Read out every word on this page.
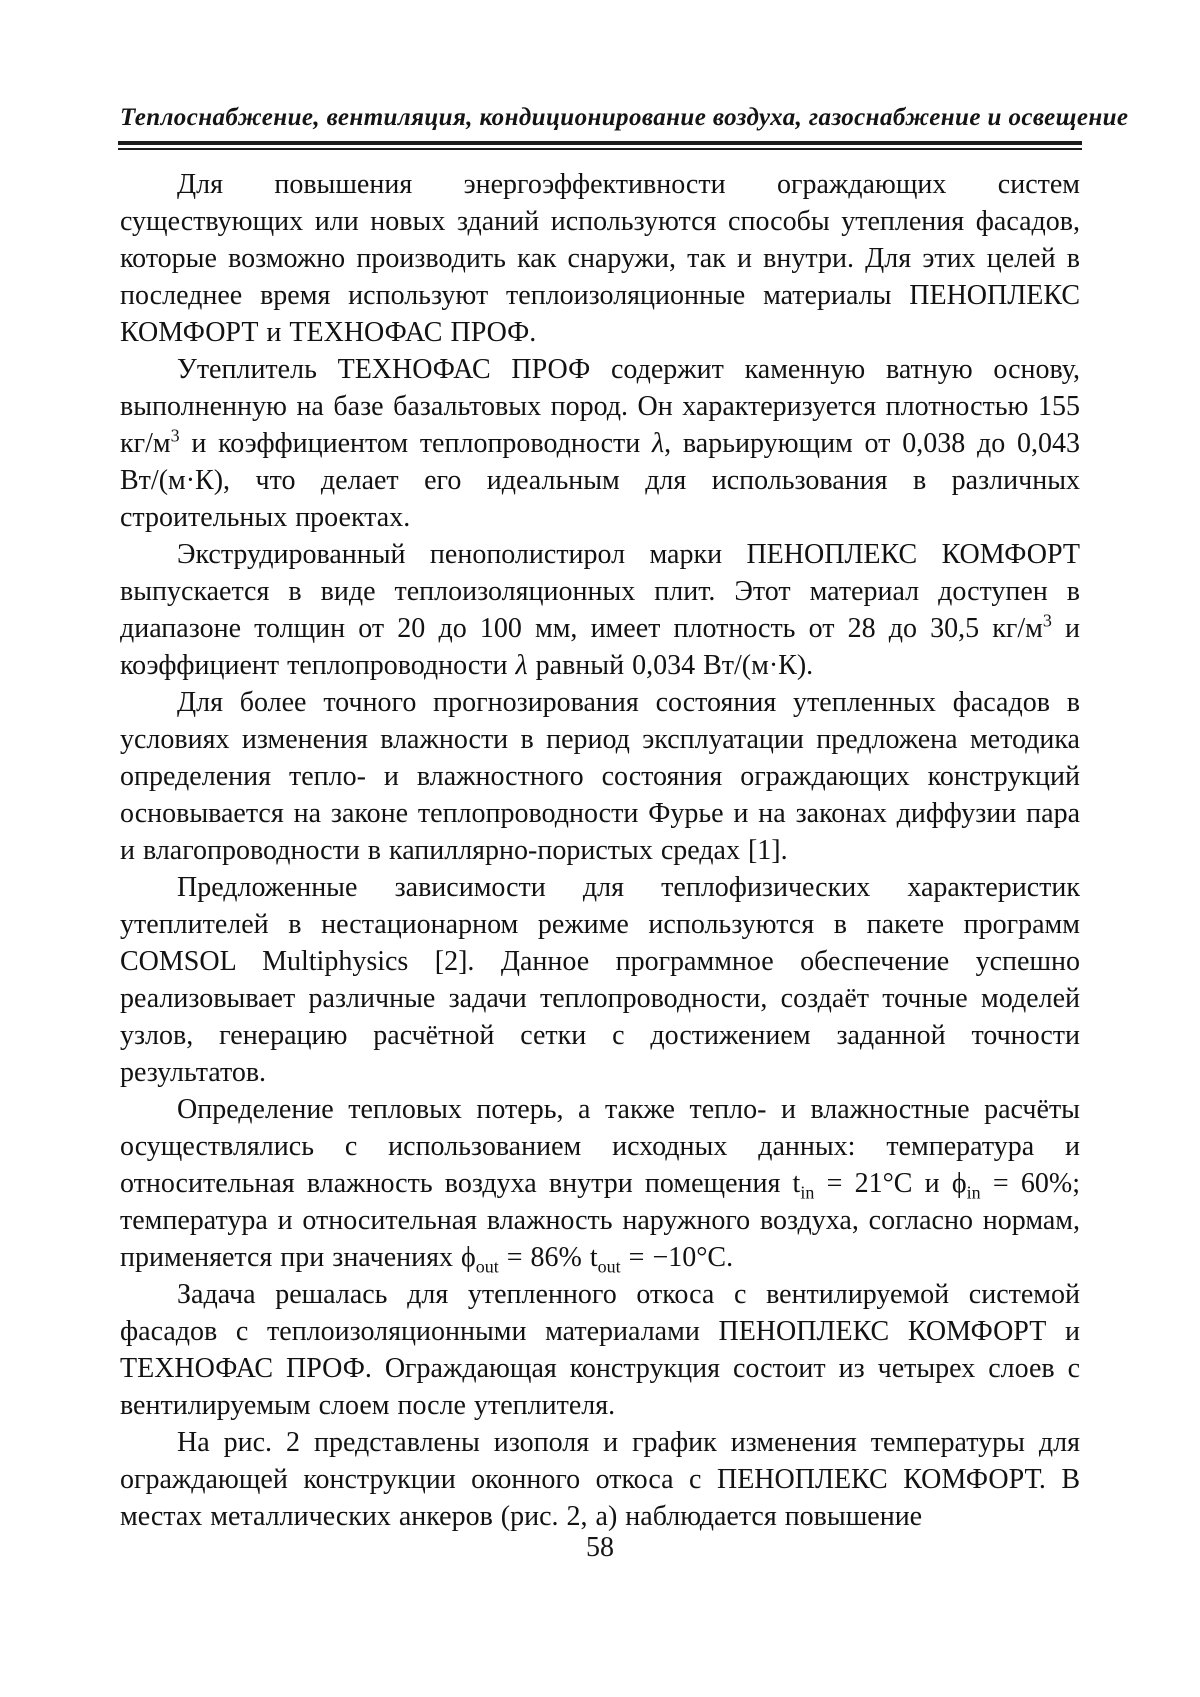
Теплоснабжение, вентиляция, кондиционирование воздуха, газоснабжение и освещение

Для повышения энергоэффективности ограждающих систем существующих или новых зданий используются способы утепления фасадов, которые возможно производить как снаружи, так и внутри. Для этих целей в последнее время используют теплоизоляционные материалы ПЕНОПЛЕКС КОМФОРТ и ТЕХНОФАС ПРОФ.

Утеплитель ТЕХНОФАС ПРОФ содержит каменную ватную основу, выполненную на базе базальтовых пород. Он характеризуется плотностью 155 $кг/м^3$ и коэффициентом теплопроводности λ, варьирующим от 0,038 до 0,043 Вт/(м·К), что делает его идеальным для использования в различных строительных проектах.

Экструдированный пенополистирол марки ПЕНОПЛЕКС КОМФОРТ выпускается в виде теплоизоляционных плит. Этот материал доступен в диапазоне толщин от 20 до 100 мм, имеет плотность от 28 до 30,5 $кг/м^3$ и коэффициент теплопроводности λ равный 0,034 Вт/(м·К).

Для более точного прогнозирования состояния утепленных фасадов в условиях изменения влажности в период эксплуатации предложена методика определения тепло- и влажностного состояния ограждающих конструкций основывается на законе теплопроводности Фурье и на законах диффузии пара и влагопроводности в капиллярно-пористых средах [1].

Предложенные зависимости для теплофизических характеристик утеплителей в нестационарном режиме используются в пакете программ COMSOL Multiphysics [2]. Данное программное обеспечение успешно реализовывает различные задачи теплопроводности, создаёт точные моделей узлов, генерацию расчётной сетки с достижением заданной точности результатов.

Определение тепловых потерь, а также тепло- и влажностные расчёты осуществлялись с использованием исходных данных: температура и относительная влажность воздуха внутри помещения $t_{in} = 21^\circ С$ и $\phi_{in} = 60\%$; температура и относительная влажность наружного воздуха, согласно нормам, применяется при значениях $\phi_{out} = 86\%$ $t_{out} = -10^\circ С$.

Задача решалась для утепленного откоса с вентилируемой системой фасадов с теплоизоляционными материалами ПЕНОПЛЕКС КОМФОРТ и ТЕХНОФАС ПРОФ. Ограждающая конструкция состоит из четырех слоев с вентилируемым слоем после утеплителя.

На рис. 2 представлены изополя и график изменения температуры для ограждающей конструкции оконного откоса с ПЕНОПЛЕКС КОМФОРТ. В местах металлических анкеров (рис. 2, а) наблюдается повышение

58
